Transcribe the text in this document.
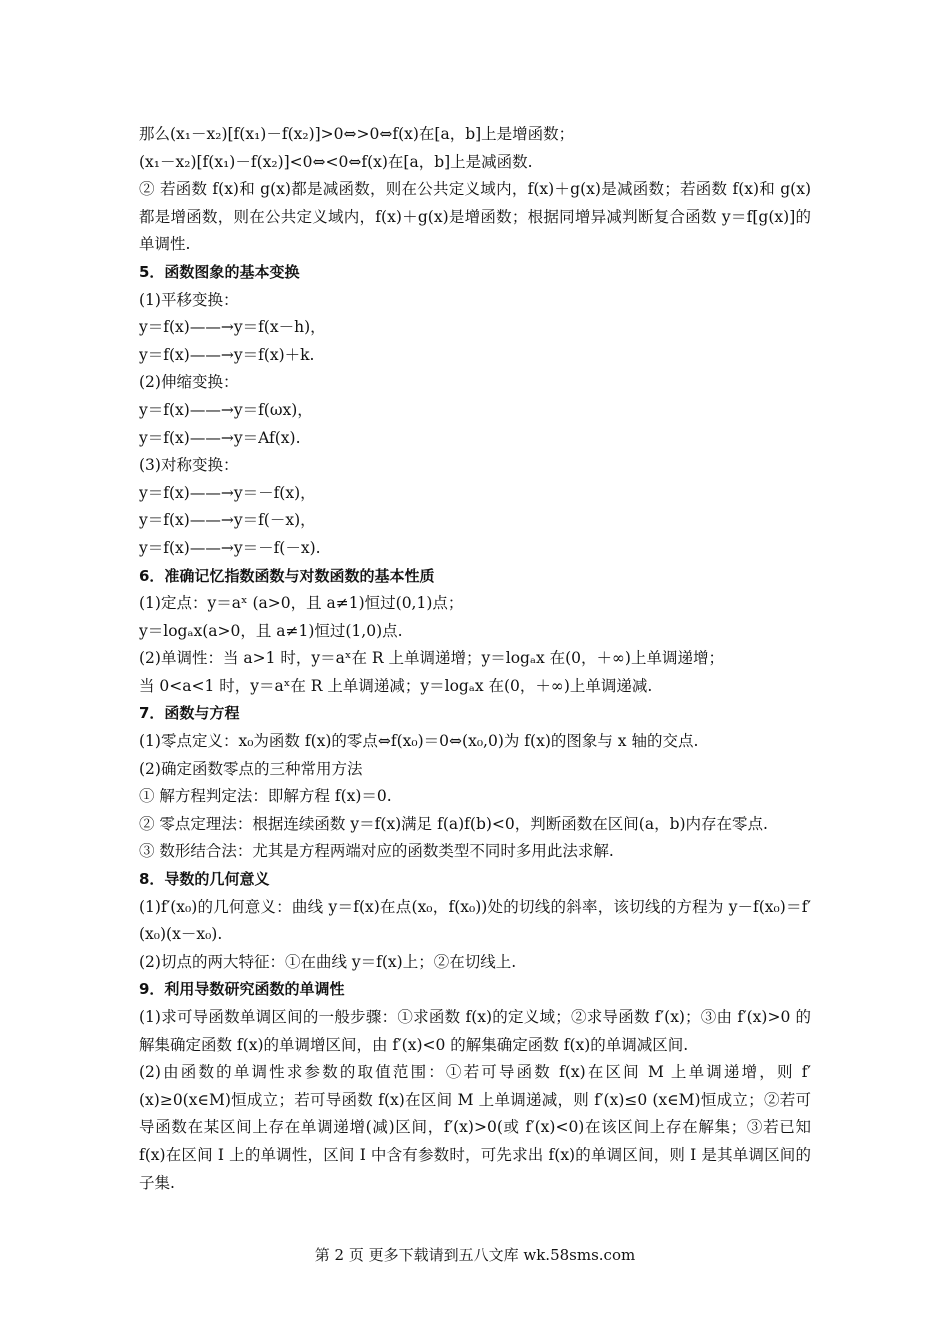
那么(x₁－x₂)[f(x₁)－f(x₂)]>0⇔>0⇔f(x)在[a，b]上是增函数；
(x₁－x₂)[f(x₁)－f(x₂)]<0⇔<0⇔f(x)在[a，b]上是减函数.
② 若函数 f(x)和 g(x)都是减函数，则在公共定义域内，f(x)＋g(x)是减函数；若函数 f(x)和 g(x)都是增函数，则在公共定义域内，f(x)＋g(x)是增函数；根据同增异减判断复合函数 y＝f[g(x)]的单调性.
5．函数图象的基本变换
(1)平移变换：
y＝f(x)——→y＝f(x－h)，
y＝f(x)——→y＝f(x)＋k.
(2)伸缩变换：
y＝f(x)——→y＝f(ωx)，
y＝f(x)——→y＝Af(x).
(3)对称变换：
y＝f(x)——→y＝－f(x)，
y＝f(x)——→y＝f(－x)，
y＝f(x)——→y＝－f(－x).
6．准确记忆指数函数与对数函数的基本性质
(1)定点：y＝aˣ (a>0，且 a≠1)恒过(0,1)点；
y＝logₐx(a>0，且 a≠1)恒过(1,0)点.
(2)单调性：当 a>1 时，y＝aˣ在 R 上单调递增；y＝logₐx 在(0，＋∞)上单调递增；
当 0<a<1 时，y＝aˣ在 R 上单调递减；y＝logₐx 在(0，＋∞)上单调递减.
7．函数与方程
(1)零点定义：x₀为函数 f(x)的零点⇔f(x₀)＝0⇔(x₀,0)为 f(x)的图象与 x 轴的交点.
(2)确定函数零点的三种常用方法
① 解方程判定法：即解方程 f(x)＝0.
② 零点定理法：根据连续函数 y＝f(x)满足 f(a)f(b)<0，判断函数在区间(a，b)内存在零点.
③ 数形结合法：尤其是方程两端对应的函数类型不同时多用此法求解.
8．导数的几何意义
(1)f′(x₀)的几何意义：曲线 y＝f(x)在点(x₀，f(x₀))处的切线的斜率，该切线的方程为 y－f(x₀)＝f′(x₀)(x－x₀).
(2)切点的两大特征：①在曲线 y＝f(x)上；②在切线上.
9．利用导数研究函数的单调性
(1)求可导函数单调区间的一般步骤：①求函数 f(x)的定义域；②求导函数 f′(x)；③由 f′(x)>0 的解集确定函数 f(x)的单调增区间，由 f′(x)<0 的解集确定函数 f(x)的单调减区间.
(2)由函数的单调性求参数的取值范围：①若可导函数 f(x)在区间 M 上单调递增，则 f′(x)≥0(x∈M)恒成立；若可导函数 f(x)在区间 M 上单调递减，则 f′(x)≤0 (x∈M)恒成立；②若可导函数在某区间上存在单调递增(减)区间，f′(x)>0(或 f′(x)<0)在该区间上存在解集；③若已知 f(x)在区间 I 上的单调性，区间 I 中含有参数时，可先求出 f(x)的单调区间，则 I 是其单调区间的子集.
第 2 页 更多下载请到五八文库 wk.58sms.com
